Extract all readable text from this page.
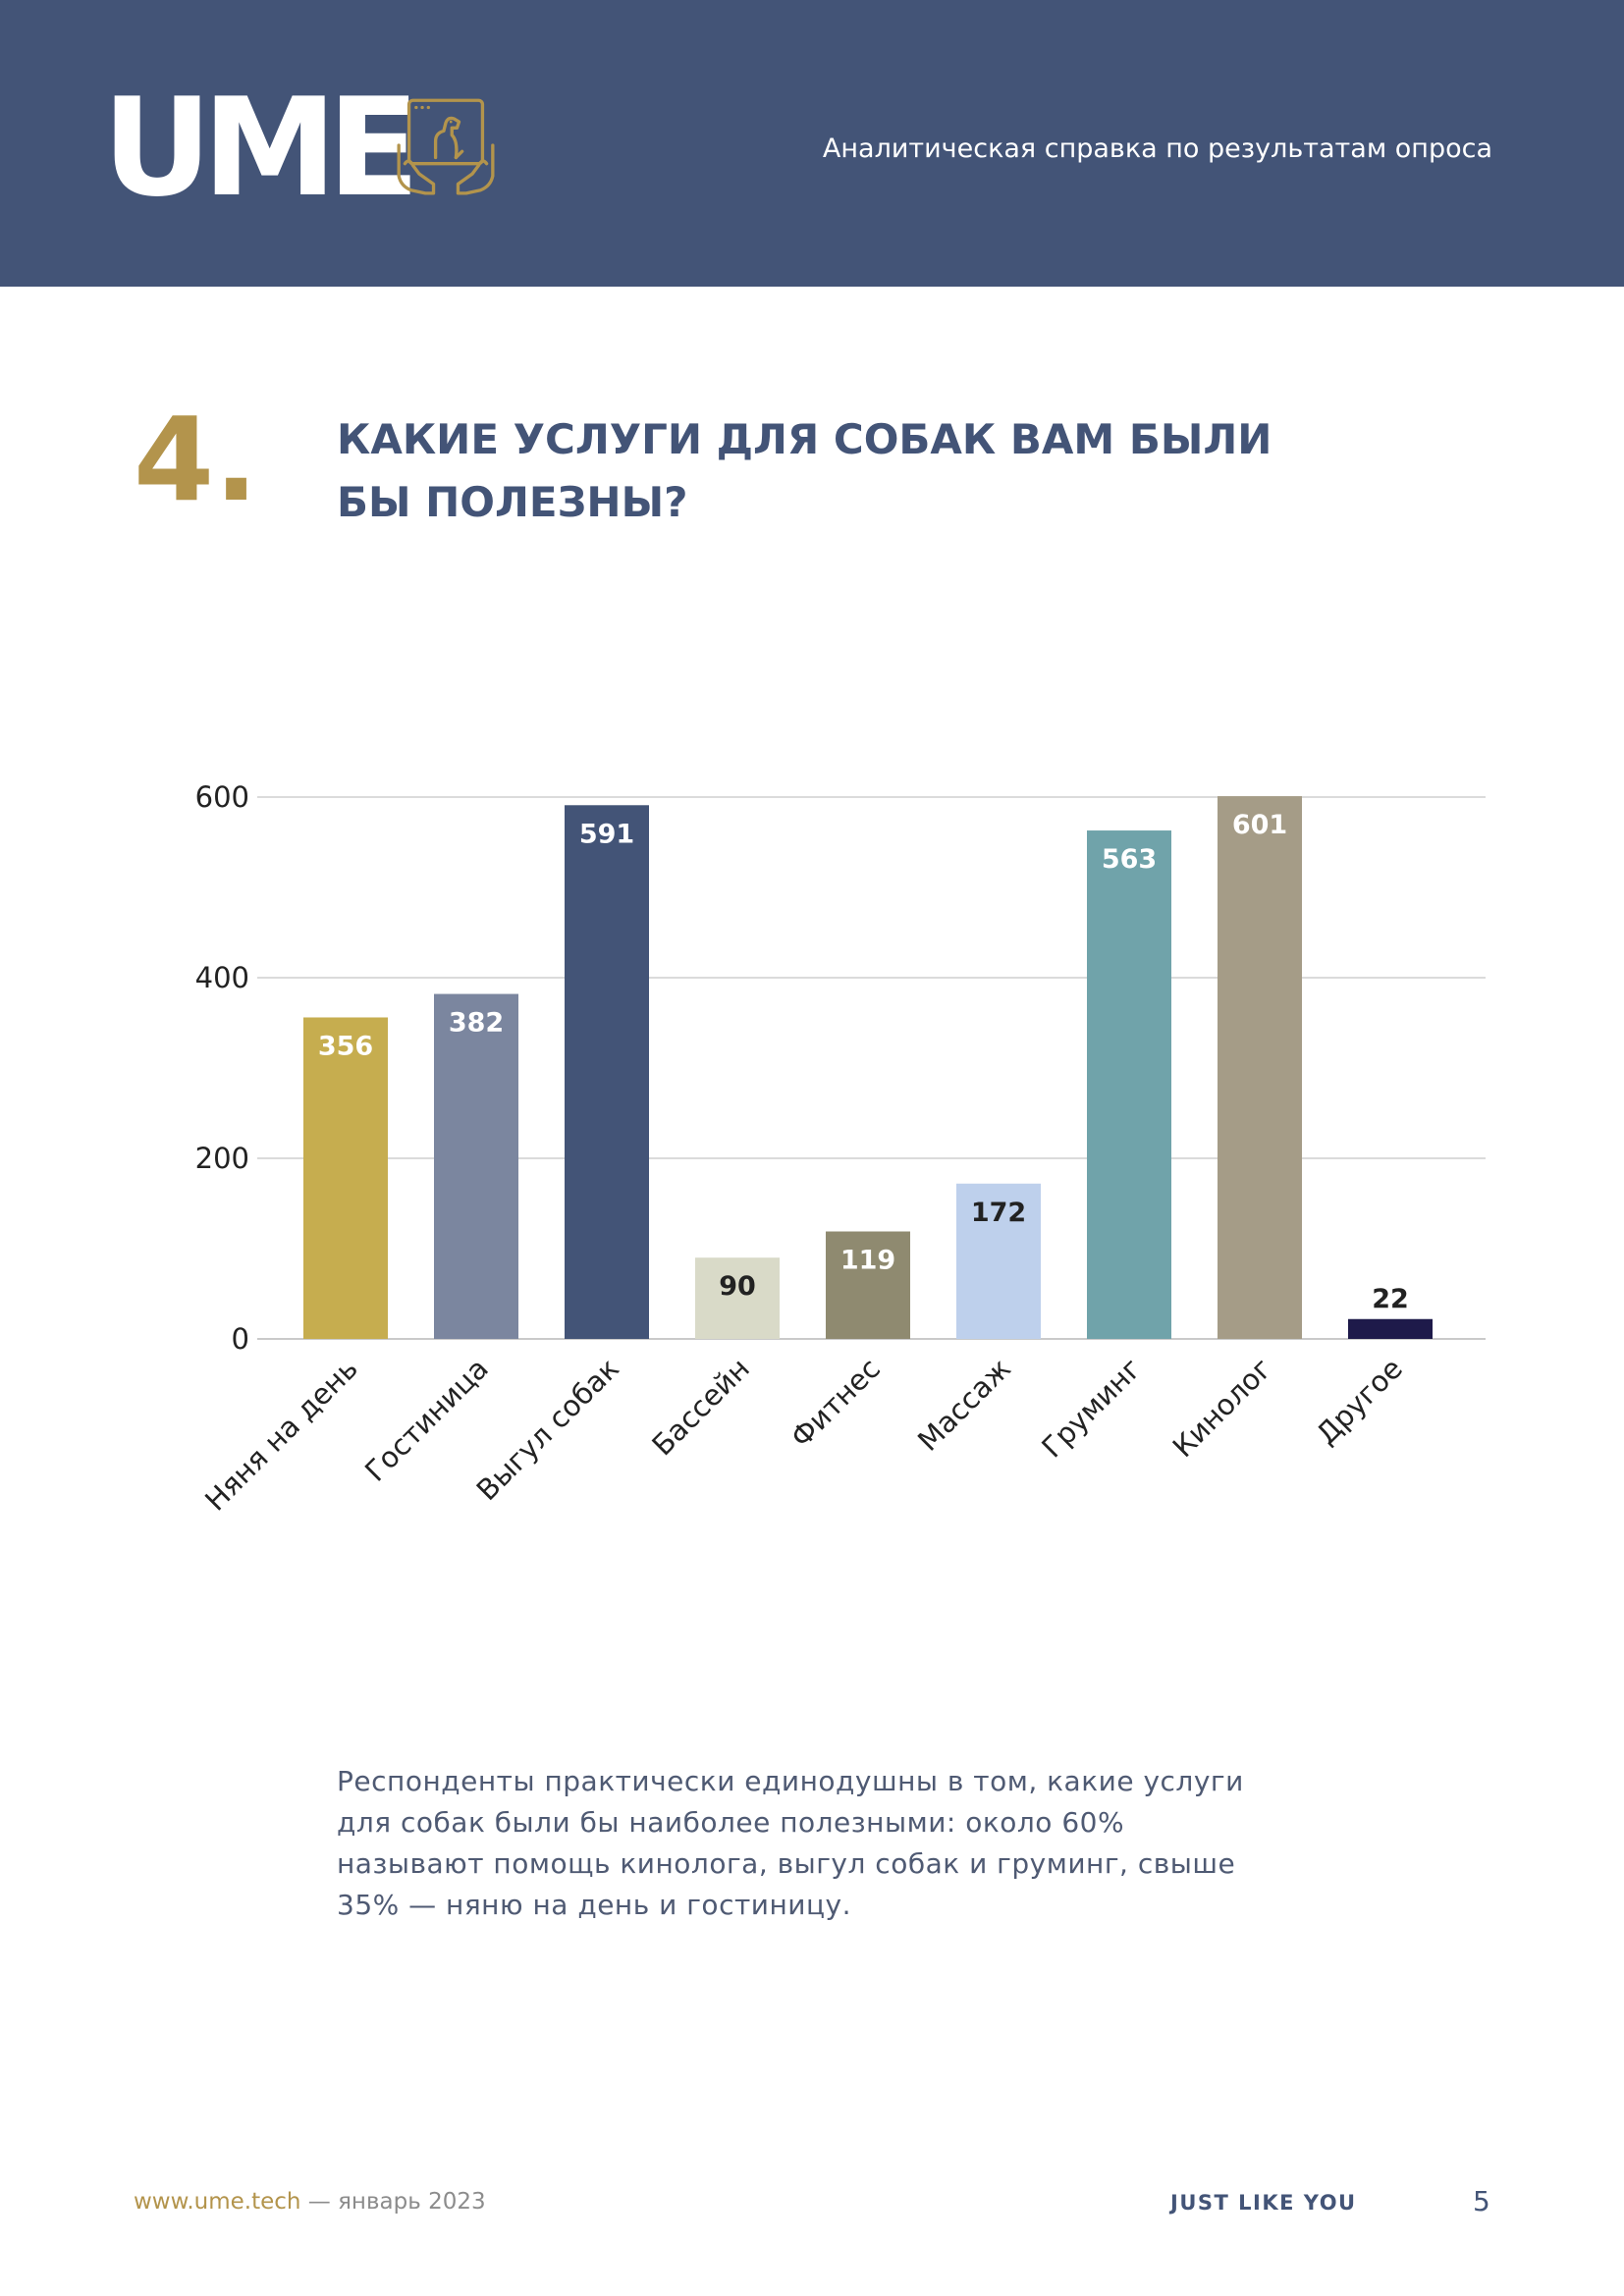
UME	Аналитическая справка по результатам опроса
4. КАКИЕ УСЛУГИ ДЛЯ СОБАК ВАМ БЫЛИ
БЫ ПОЛЕЗНЫ?
0
200
400
600
356
Няня на день
382
Гостиница
591
Выгул собак
90
Бассейн
119
Фитнес
172
Массаж
563
Груминг
601
Кинолог
22
Другое
Респонденты практически единодушны в том, какие услуги для собак были бы наиболее полезными: около 60% называют помощь кинолога, выгул собак и груминг, свыше 35% — няню на день и гостиницу.
www.ume.tech — январь 2023	JUST LIKE YOU	5
